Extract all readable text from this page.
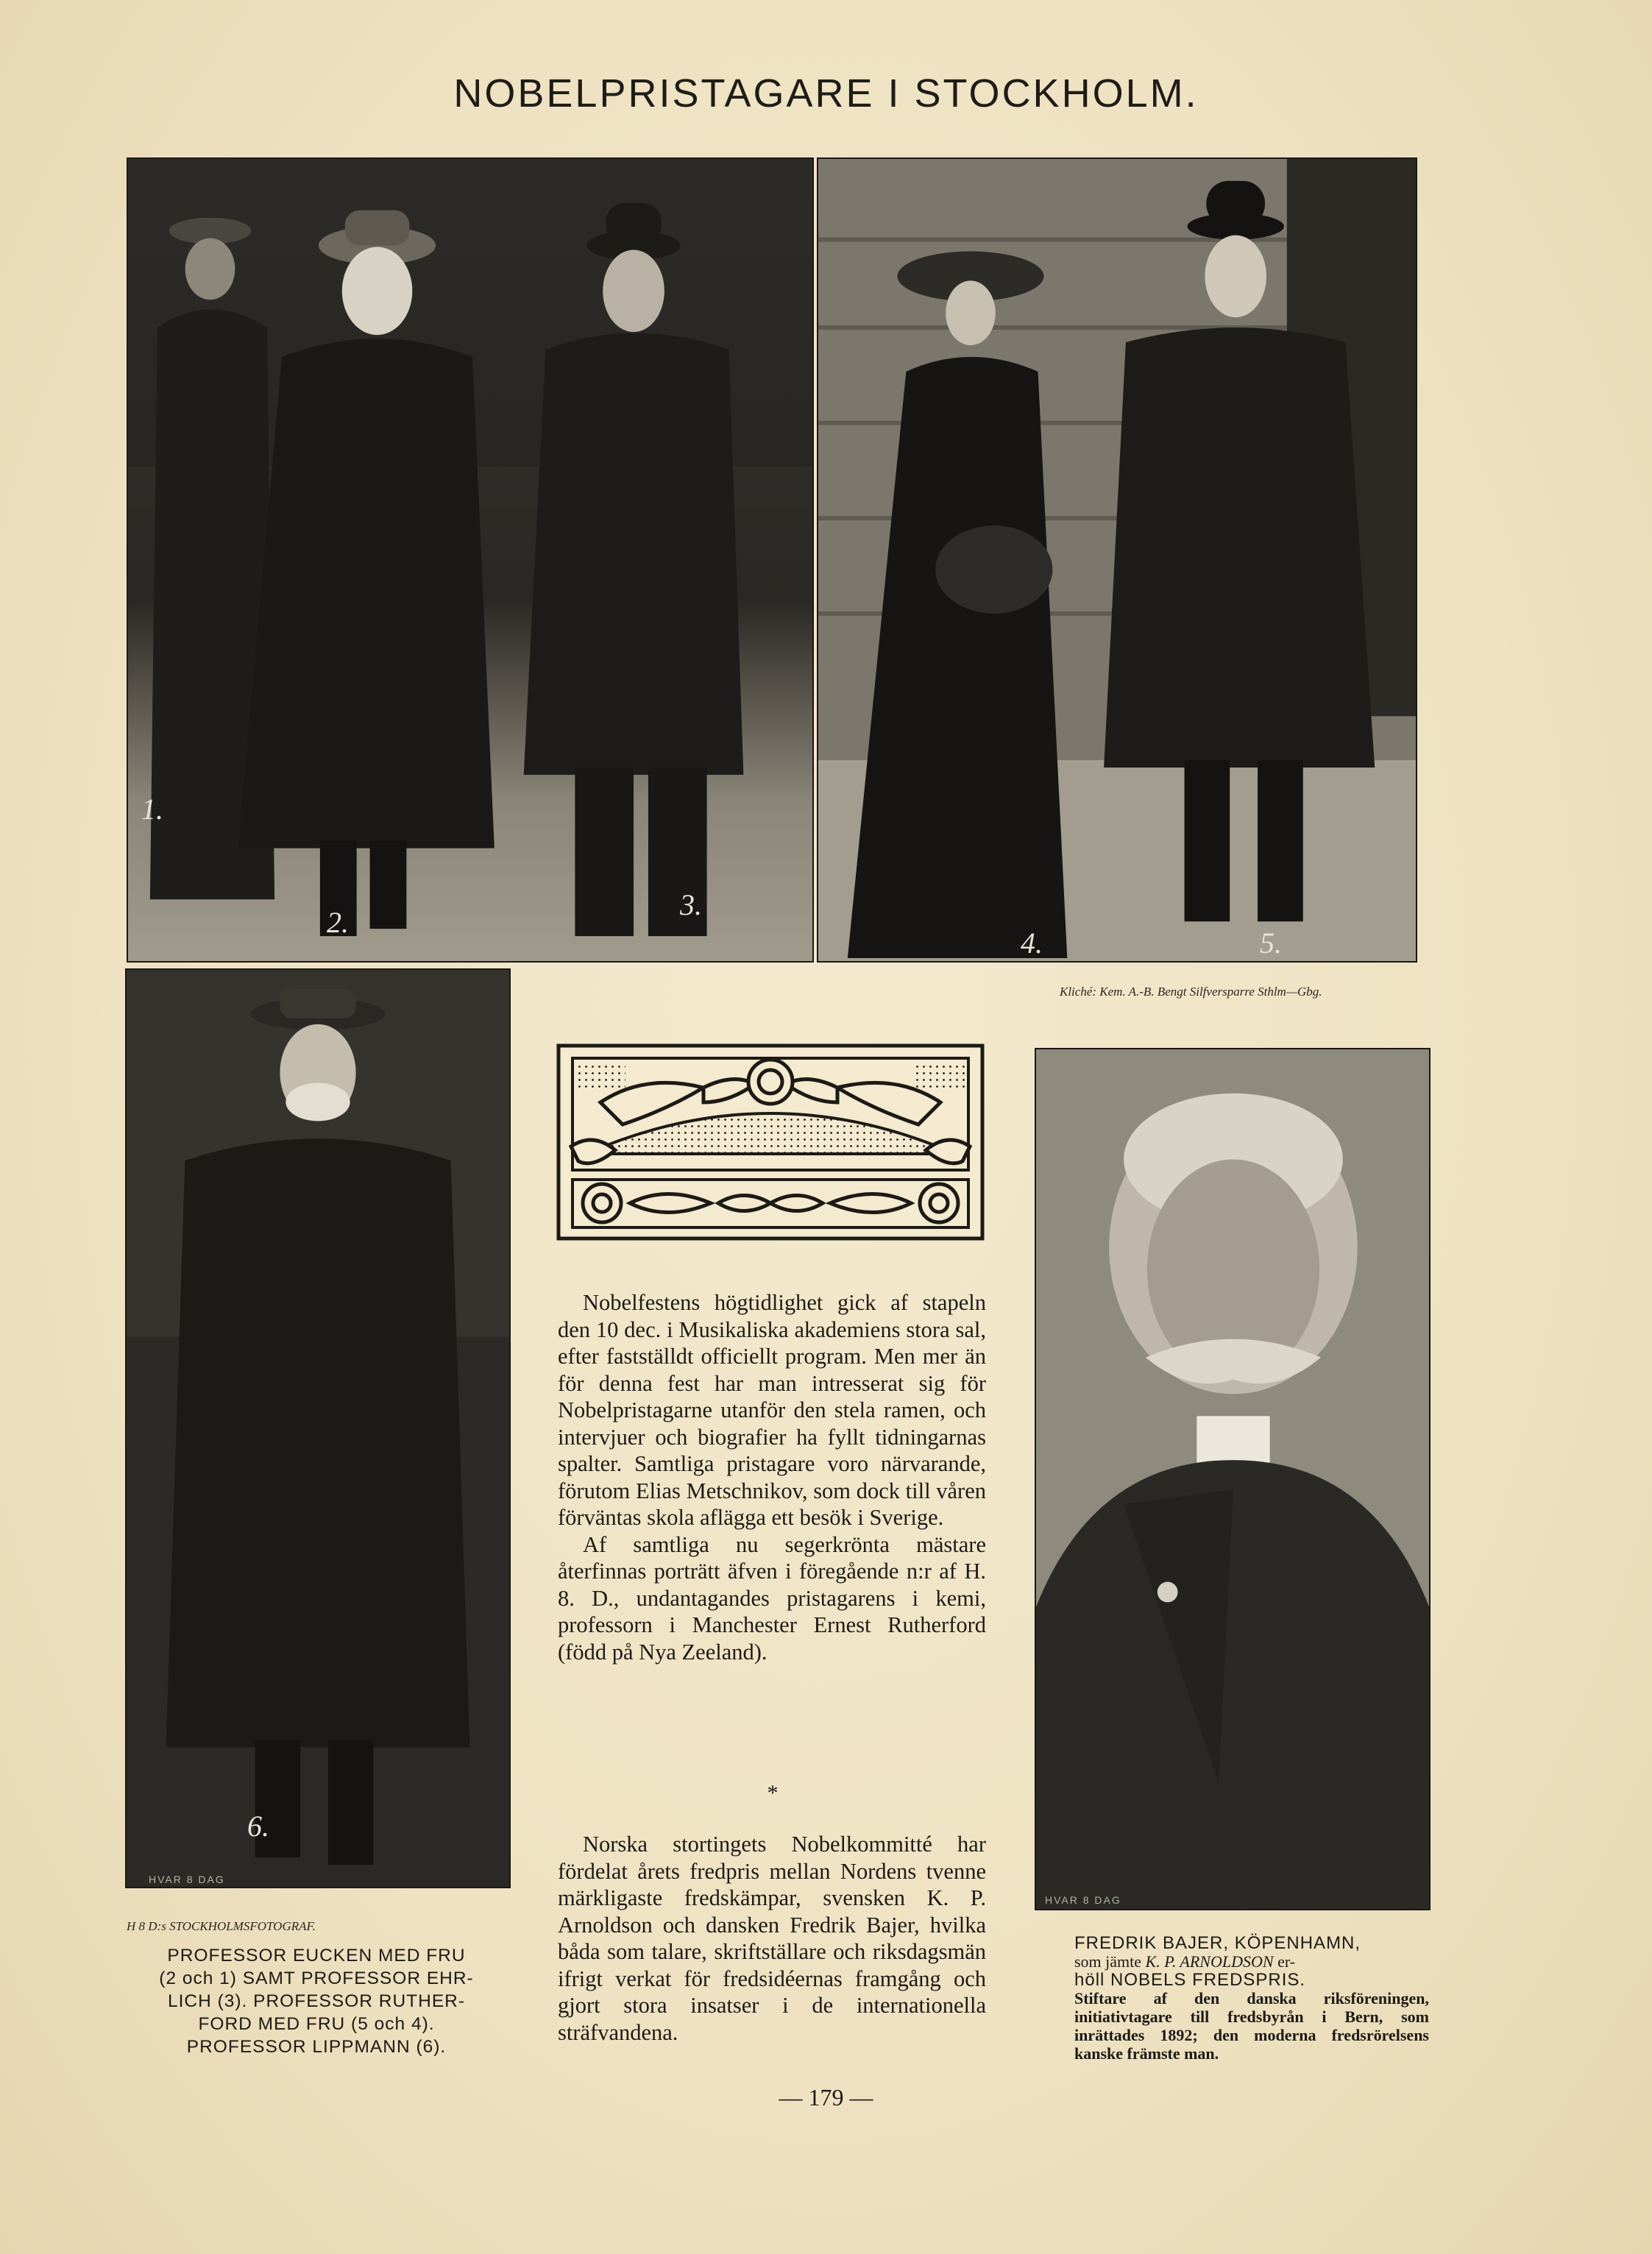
NOBELPRISTAGARE I STOCKHOLM.
1.
2.
3.
4.	5.
Kliché: Kem. A.-B. Bengt Silfversparre Sthlm—Gbg.
6.
HVAR 8 DAG
H 8 D:s STOCKHOLMSFOTOGRAF.

Nobelfestens högtidlighet gick af stapeln den 10 dec. i Musikaliska akademiens stora sal, efter fastställdt officiellt program. Men mer än för denna fest har man intresserat sig för Nobelpristagarne utanför den stela ramen, och intervjuer och biografier ha fyllt tidningarnas spalter. Samtliga pristagare voro närvarande, förutom Elias Metschnikov, som dock till våren förväntas skola aflägga ett besök i Sverige.

Af samtliga nu segerkrönta mästare återfinnas porträtt äfven i föregående n:r af H. 8. D., undantagandes pristagarens i kemi, professorn i Manchester Ernest Rutherford (född på Nya Zeeland).

*

Norska stortingets Nobelkommitté har fördelat årets fredpris mellan Nordens tvenne märkligaste fredskämpar, svensken K. P. Arnoldson och dansken Fredrik Bajer, hvilka båda som talare, skriftställare och riksdagsmän ifrigt verkat för fredsidéernas framgång och gjort stora insatser i de internationella sträfvandena.

HVAR 8 DAG
PROFESSOR EUCKEN MED FRU
(2 och 1) SAMT PROFESSOR EHR-
LICH (3). PROFESSOR RUTHER-
FORD MED FRU (5 och 4).
PROFESSOR LIPPMANN (6).
FREDRIK BAJER, KÖPENHAMN,
som jämte K. P. ARNOLDSON er-
höll NOBELS FREDSPRIS.
Stiftare af den danska riksföreningen, initiativtagare till fredsbyrån i Bern, som inrättades 1892; den moderna fredsrörelsens kanske främste man.
— 179 —
